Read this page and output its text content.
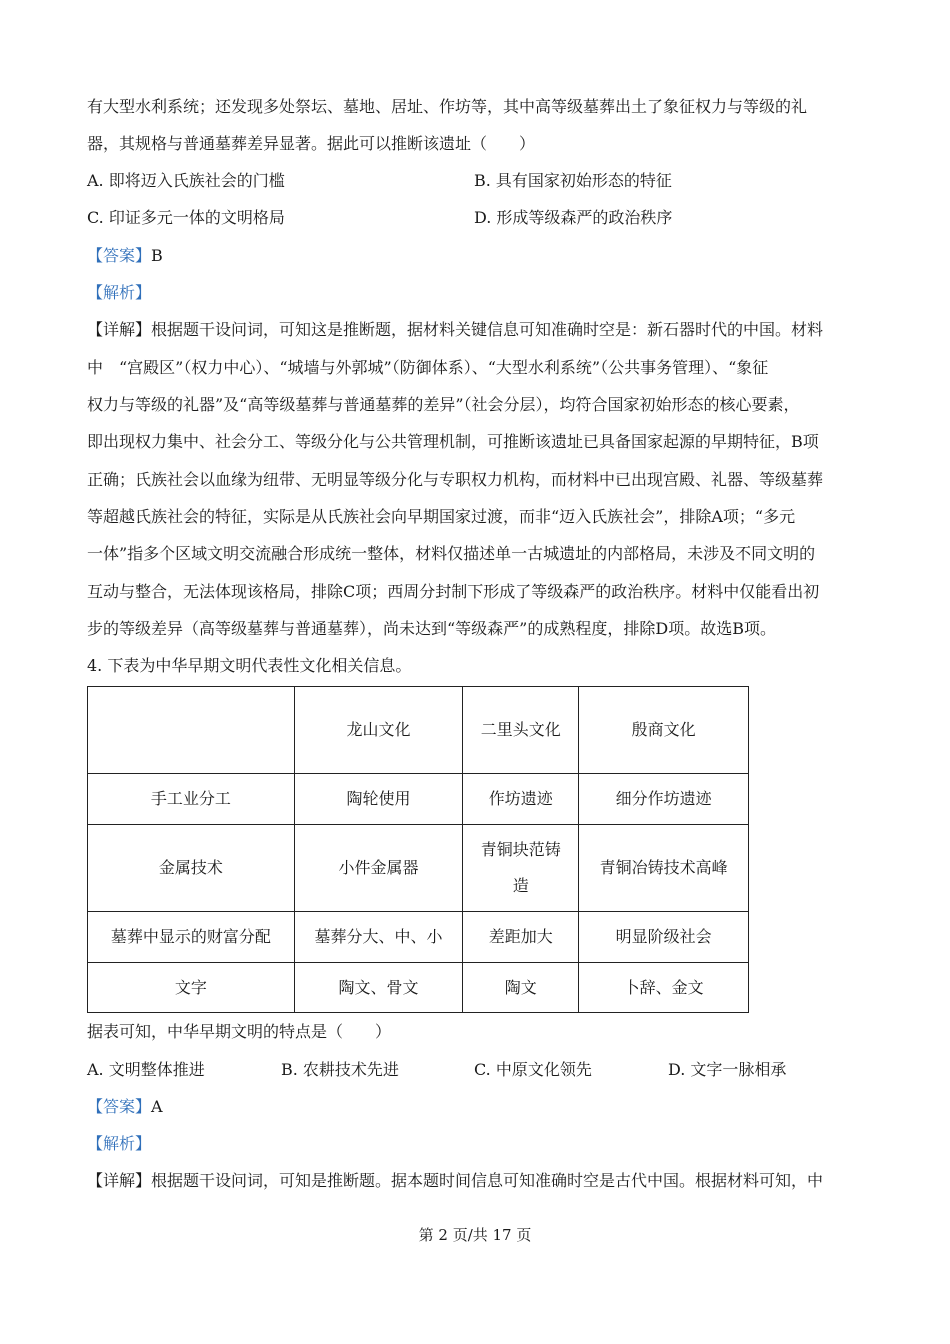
有大型水利系统；还发现多处祭坛、墓地、居址、作坊等，其中高等级墓葬出土了象征权力与等级的礼
器，其规格与普通墓葬差异显著。据此可以推断该遗址（　　）
A. 即将迈入氏族社会的门槛	B. 具有国家初始形态的特征
C. 印证多元一体的文明格局	D. 形成等级森严的政治秩序
【答案】B
【解析】
【详解】根据题干设问词，可知这是推断题，据材料关键信息可知准确时空是：新石器时代的中国。材料
中　“宫殿区”（权力中心）、“城墙与外郭城”（防御体系）、“大型水利系统”（公共事务管理）、“象征
权力与等级的礼器”及“高等级墓葬与普通墓葬的差异”（社会分层），均符合国家初始形态的核心要素，
即出现权力集中、社会分工、等级分化与公共管理机制，可推断该遗址已具备国家起源的早期特征，B项
正确；氏族社会以血缘为纽带、无明显等级分化与专职权力机构，而材料中已出现宫殿、礼器、等级墓葬
等超越氏族社会的特征，实际是从氏族社会向早期国家过渡，而非“迈入氏族社会”，排除A项；“多元
一体”指多个区域文明交流融合形成统一整体，材料仅描述单一古城遗址的内部格局，未涉及不同文明的
互动与整合，无法体现该格局，排除C项；西周分封制下形成了等级森严的政治秩序。材料中仅能看出初
步的等级差异（高等级墓葬与普通墓葬），尚未达到“等级森严”的成熟程度，排除D项。故选B项。
4. 下表为中华早期文明代表性文化相关信息。
	龙山文化	二里头文化	殷商文化
手工业分工	陶轮使用	作坊遗迹	细分作坊遗迹
金属技术	小件金属器	青铜块范铸造	青铜冶铸技术高峰
墓葬中显示的财富分配	墓葬分大、中、小	差距加大	明显阶级社会
文字	陶文、骨文	陶文	卜辞、金文
据表可知，中华早期文明的特点是（　　）
A. 文明整体推进	B. 农耕技术先进	C. 中原文化领先	D. 文字一脉相承
【答案】A
【解析】
【详解】根据题干设问词，可知是推断题。据本题时间信息可知准确时空是古代中国。根据材料可知，中
第 2 页/共 17 页
